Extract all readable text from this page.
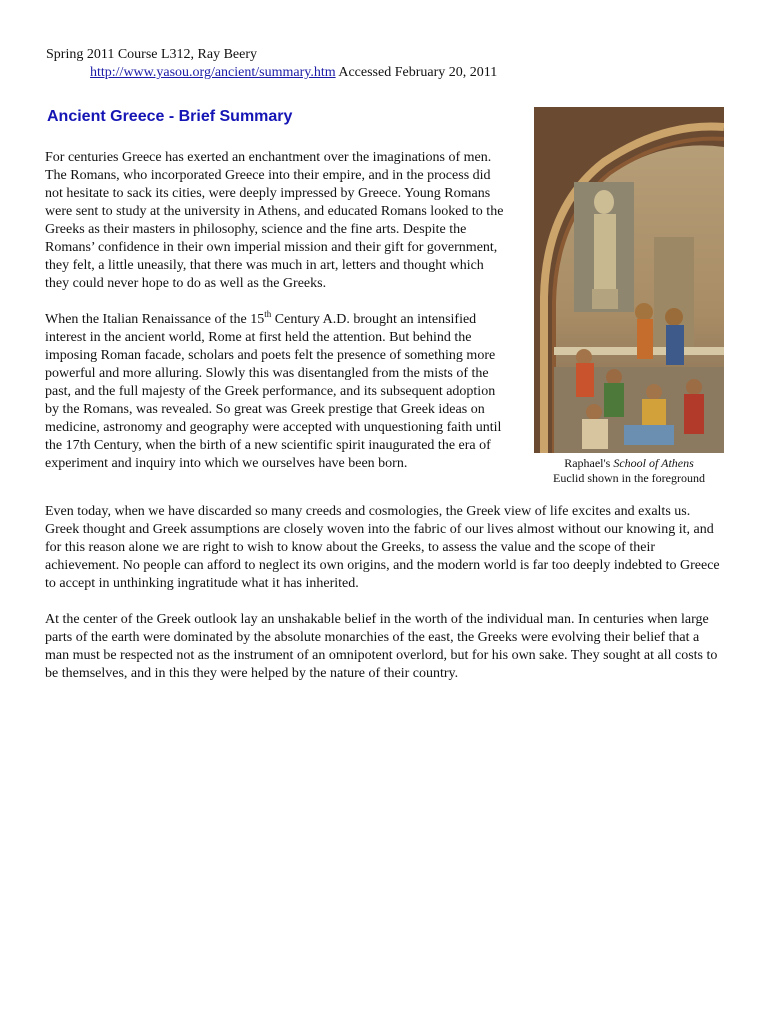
Spring 2011 Course L312, Ray Beery
http://www.yasou.org/ancient/summary.htm Accessed February 20, 2011
Ancient Greece - Brief Summary

For centuries Greece has exerted an enchantment over the imaginations of men. The Romans, who incorporated Greece into their empire, and in the process did not hesitate to sack its cities, were deeply impressed by Greece. Young Romans were sent to study at the university in Athens, and educated Romans looked to the Greeks as their masters in philosophy, science and the fine arts. Despite the Romans’ confidence in their own imperial mission and their gift for government, they felt, a little uneasily, that there was much in art, letters and thought which they could never hope to do as well as the Greeks.

When the Italian Renaissance of the 15th Century A.D. brought an intensified interest in the ancient world, Rome at first held the attention. But behind the imposing Roman facade, scholars and poets felt the presence of something more powerful and more alluring. Slowly this was disentangled from the mists of the past, and the full majesty of the Greek performance, and its subsequent adoption by the Romans, was revealed. So great was Greek prestige that Greek ideas on medicine, astronomy and geography were accepted with unquestioning faith until the 17th Century, when the birth of a new scientific spirit inaugurated the era of experiment and inquiry into which we ourselves have been born.	Raphael's School of Athens
Euclid shown in the foreground

Even today, when we have discarded so many creeds and cosmologies, the Greek view of life excites and exalts us. Greek thought and Greek assumptions are closely woven into the fabric of our lives almost without our knowing it, and for this reason alone we are right to wish to know about the Greeks, to assess the value and the scope of their achievement. No people can afford to neglect its own origins, and the modern world is far too deeply indebted to Greece to accept in unthinking ingratitude what it has inherited.

At the center of the Greek outlook lay an unshakable belief in the worth of the individual man. In centuries when large parts of the earth were dominated by the absolute monarchies of the east, the Greeks were evolving their belief that a man must be respected not as the instrument of an omnipotent overlord, but for his own sake. They sought at all costs to be themselves, and in this they were helped by the nature of their country.
